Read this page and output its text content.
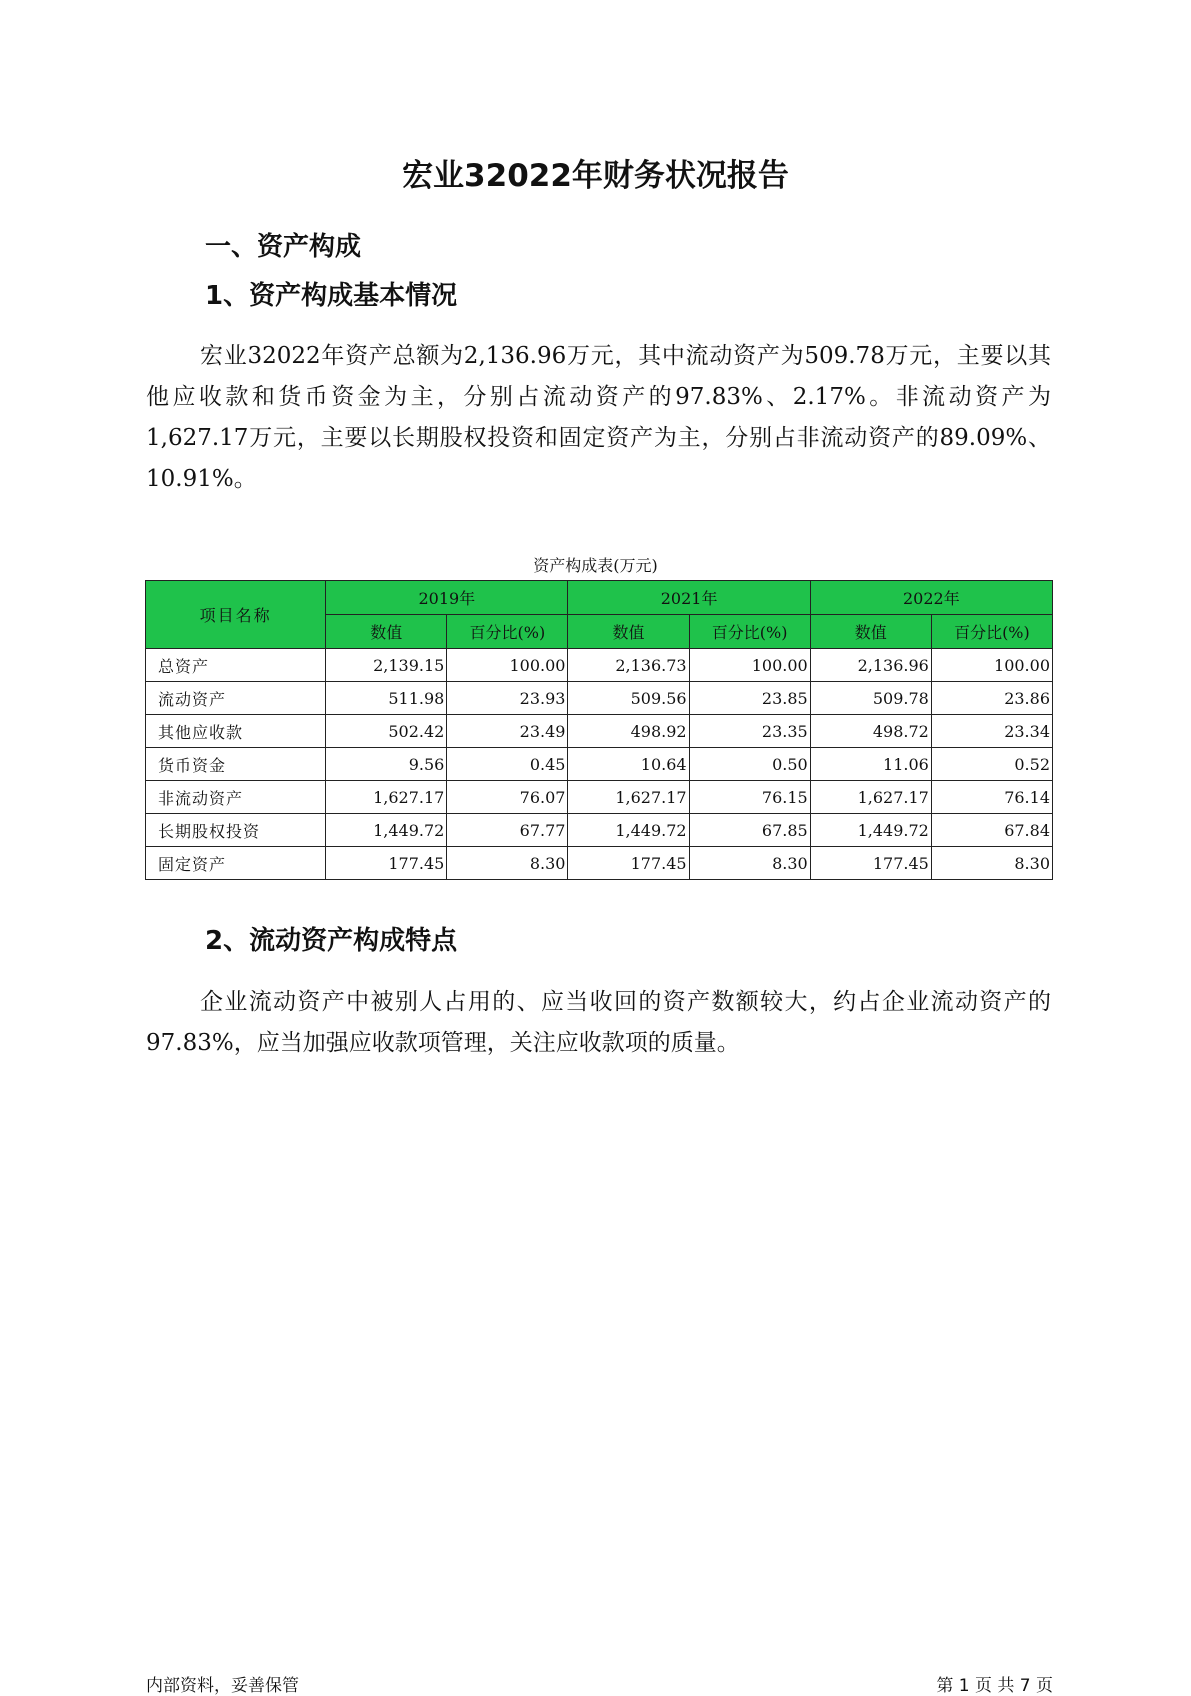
宏业32022年财务状况报告
一、资产构成
1、资产构成基本情况

宏业32022年资产总额为2,136.96万元，其中流动资产为509.78万元，主要以其他应收款和货币资金为主，分别占流动资产的97.83%、2.17%。非流动资产为1,627.17万元，主要以长期股权投资和固定资产为主，分别占非流动资产的89.09%、10.91%。

资产构成表(万元)
项目名称	2019年		2021年		2022年	
	数值	百分比(%)	数值	百分比(%)	数值	百分比(%)
总资产	2,139.15	100.00	2,136.73	100.00	2,136.96	100.00
流动资产	511.98	23.93	509.56	23.85	509.78	23.86
其他应收款	502.42	23.49	498.92	23.35	498.72	23.34
货币资金	9.56	0.45	10.64	0.50	11.06	0.52
非流动资产	1,627.17	76.07	1,627.17	76.15	1,627.17	76.14
长期股权投资	1,449.72	67.77	1,449.72	67.85	1,449.72	67.84
固定资产	177.45	8.30	177.45	8.30	177.45	8.30
2、流动资产构成特点

企业流动资产中被别人占用的、应当收回的资产数额较大，约占企业流动资产的97.83%，应当加强应收款项管理，关注应收款项的质量。

内部资料，妥善保管	第 1 页 共 7 页
